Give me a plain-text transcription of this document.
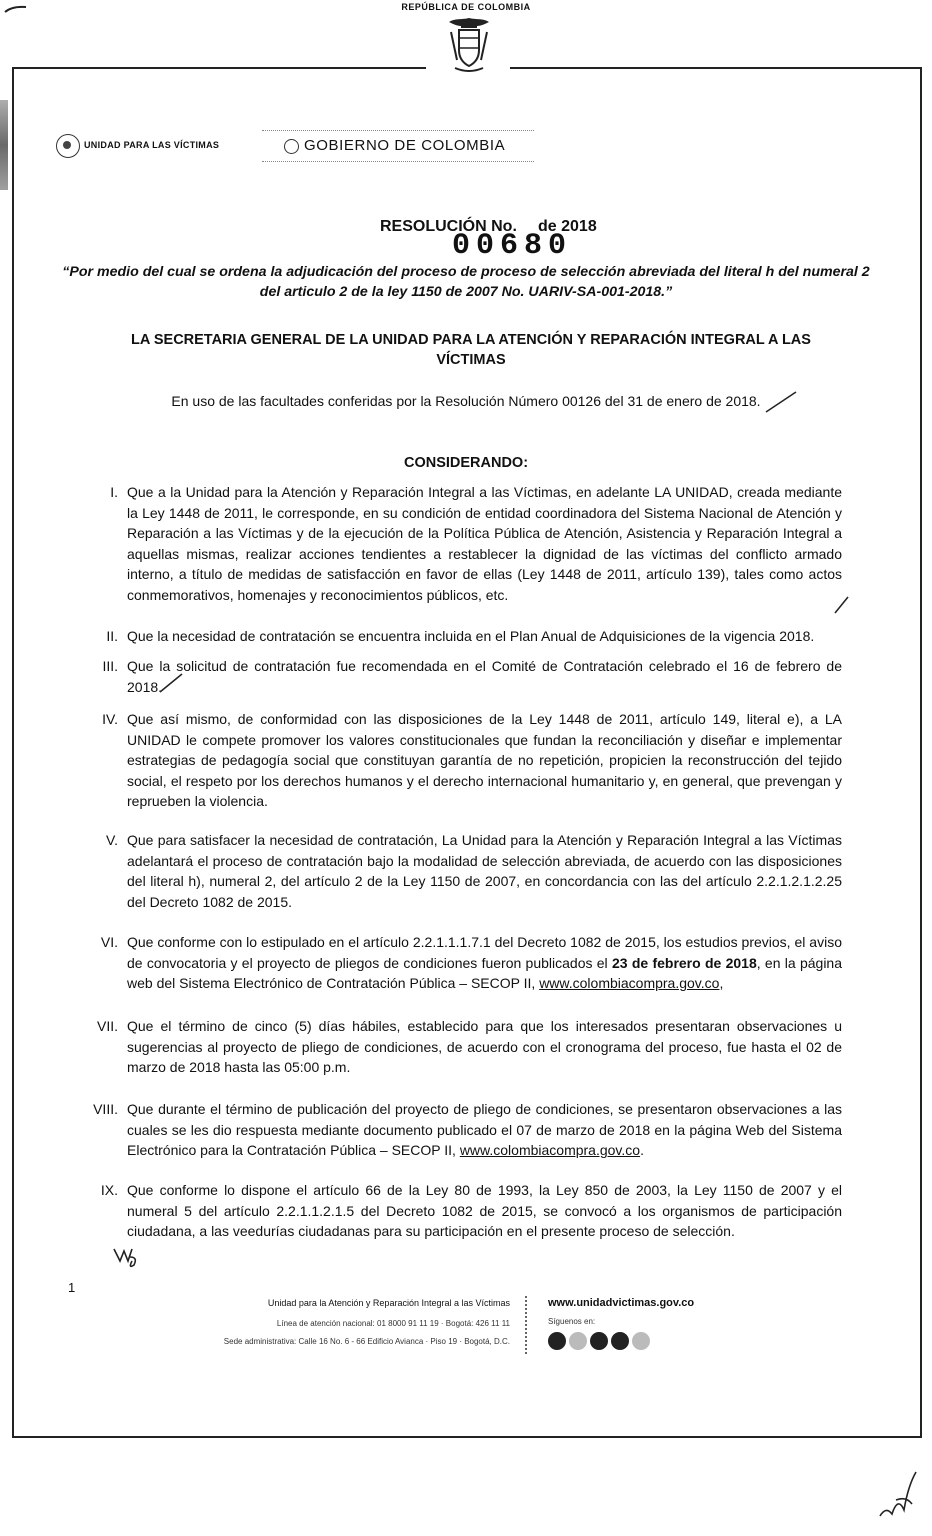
REPÚBLICA DE COLOMBIA
UNIDAD PARA LAS VÍCTIMAS	GOBIERNO DE COLOMBIA
RESOLUCIÓN No. de 2018
00680
“Por medio del cual se ordena la adjudicación del proceso de proceso de selección abreviada del literal h del numeral 2 del articulo 2 de la ley 1150 de 2007 No. UARIV-SA-001-2018.”
LA SECRETARIA GENERAL DE LA UNIDAD PARA LA ATENCIÓN Y REPARACIÓN INTEGRAL A LAS VÍCTIMAS
En uso de las facultades conferidas por la Resolución Número 00126 del 31 de enero de 2018.
CONSIDERANDO:
I. Que a la Unidad para la Atención y Reparación Integral a las Víctimas, en adelante LA UNIDAD, creada mediante la Ley 1448 de 2011, le corresponde, en su condición de entidad coordinadora del Sistema Nacional de Atención y Reparación a las Víctimas y de la ejecución de la Política Pública de Atención, Asistencia y Reparación Integral a aquellas mismas, realizar acciones tendientes a restablecer la dignidad de las víctimas del conflicto armado interno, a título de medidas de satisfacción en favor de ellas (Ley 1448 de 2011, artículo 139), tales como actos conmemorativos, homenajes y reconocimientos públicos, etc.
II. Que la necesidad de contratación se encuentra incluida en el Plan Anual de Adquisiciones de la vigencia 2018.
III. Que la solicitud de contratación fue recomendada en el Comité de Contratación celebrado el 16 de febrero de 2018.
IV. Que así mismo, de conformidad con las disposiciones de la Ley 1448 de 2011, artículo 149, literal e), a LA UNIDAD le compete promover los valores constitucionales que fundan la reconciliación y diseñar e implementar estrategias de pedagogía social que constituyan garantía de no repetición, propicien la reconstrucción del tejido social, el respeto por los derechos humanos y el derecho internacional humanitario y, en general, que prevengan y reprueben la violencia.
V. Que para satisfacer la necesidad de contratación, La Unidad para la Atención y Reparación Integral a las Víctimas adelantará el proceso de contratación bajo la modalidad de selección abreviada, de acuerdo con las disposiciones del literal h), numeral 2, del artículo 2 de la Ley 1150 de 2007, en concordancia con las del artículo 2.2.1.2.1.2.25 del Decreto 1082 de 2015.
VI. Que conforme con lo estipulado en el artículo 2.2.1.1.1.7.1 del Decreto 1082 de 2015, los estudios previos, el aviso de convocatoria y el proyecto de pliegos de condiciones fueron publicados el 23 de febrero de 2018, en la página web del Sistema Electrónico de Contratación Pública – SECOP II, www.colombiacompra.gov.co,
VII. Que el término de cinco (5) días hábiles, establecido para que los interesados presentaran observaciones u sugerencias al proyecto de pliego de condiciones, de acuerdo con el cronograma del proceso, fue hasta el 02 de marzo de 2018 hasta las 05:00 p.m.
VIII. Que durante el término de publicación del proyecto de pliego de condiciones, se presentaron observaciones a las cuales se les dio respuesta mediante documento publicado el 07 de marzo de 2018 en la página Web del Sistema Electrónico para la Contratación Pública – SECOP II, www.colombiacompra.gov.co.
IX. Que conforme lo dispone el artículo 66 de la Ley 80 de 1993, la Ley 850 de 2003, la Ley 1150 de 2007 y el numeral 5 del artículo 2.2.1.1.2.1.5 del Decreto 1082 de 2015, se convocó a los organismos de participación ciudadana, a las veedurías ciudadanas para su participación en el presente proceso de selección.
1
Unidad para la Atención y Reparación Integral a las Víctimas
Línea de atención nacional: 01 8000 91 11 19 · Bogotá: 426 11 11
Sede administrativa: Calle 16 No. 6 - 66 Edificio Avianca · Piso 19 · Bogotá, D.C.
www.unidadvictimas.gov.co
Síguenos en:
